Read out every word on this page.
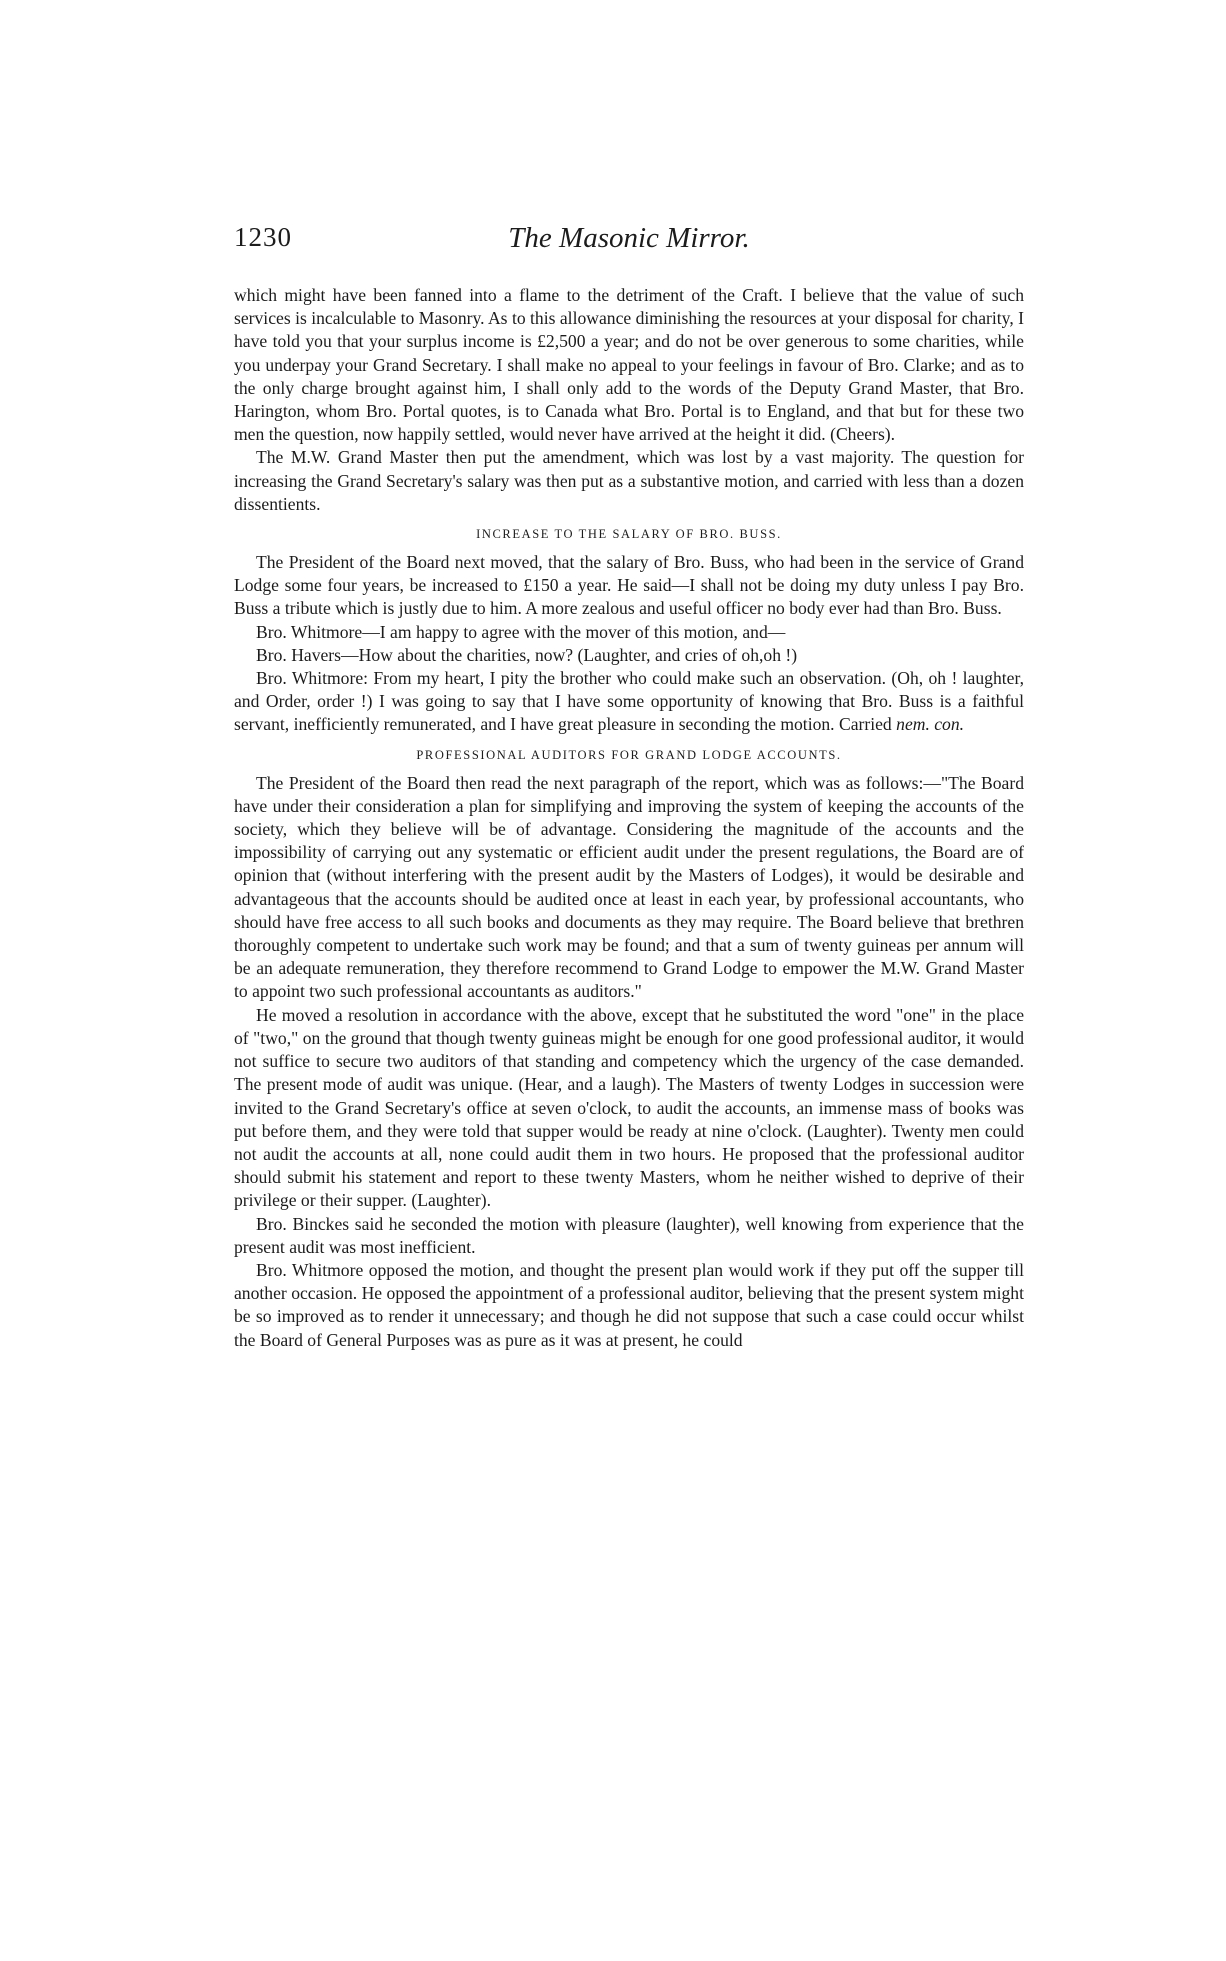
1230	The Masonic Mirror.

which might have been fanned into a flame to the detriment of the Craft. I believe that the value of such services is incalculable to Masonry. As to this allowance diminishing the resources at your disposal for charity, I have told you that your surplus income is £2,500 a year; and do not be over generous to some charities, while you underpay your Grand Secretary. I shall make no appeal to your feelings in favour of Bro. Clarke; and as to the only charge brought against him, I shall only add to the words of the Deputy Grand Master, that Bro. Harington, whom Bro. Portal quotes, is to Canada what Bro. Portal is to England, and that but for these two men the question, now happily settled, would never have arrived at the height it did. (Cheers).

The M.W. Grand Master then put the amendment, which was lost by a vast majority. The question for increasing the Grand Secretary's salary was then put as a substantive motion, and carried with less than a dozen dissentients.

INCREASE TO THE SALARY OF BRO. BUSS.

The President of the Board next moved, that the salary of Bro. Buss, who had been in the service of Grand Lodge some four years, be increased to £150 a year. He said—I shall not be doing my duty unless I pay Bro. Buss a tribute which is justly due to him. A more zealous and useful officer no body ever had than Bro. Buss.

Bro. Whitmore—I am happy to agree with the mover of this motion, and—

Bro. Havers—How about the charities, now? (Laughter, and cries of oh,oh !)

Bro. Whitmore: From my heart, I pity the brother who could make such an observation. (Oh, oh ! laughter, and Order, order !) I was going to say that I have some opportunity of knowing that Bro. Buss is a faithful servant, inefficiently remunerated, and I have great pleasure in seconding the motion. Carried nem. con.

PROFESSIONAL AUDITORS FOR GRAND LODGE ACCOUNTS.

The President of the Board then read the next paragraph of the report, which was as follows:—"The Board have under their consideration a plan for simplifying and improving the system of keeping the accounts of the society, which they believe will be of advantage. Considering the magnitude of the accounts and the impossibility of carrying out any systematic or efficient audit under the present regulations, the Board are of opinion that (without interfering with the present audit by the Masters of Lodges), it would be desirable and advantageous that the accounts should be audited once at least in each year, by professional accountants, who should have free access to all such books and documents as they may require. The Board believe that brethren thoroughly competent to undertake such work may be found; and that a sum of twenty guineas per annum will be an adequate remuneration, they therefore recommend to Grand Lodge to empower the M.W. Grand Master to appoint two such professional accountants as auditors."

He moved a resolution in accordance with the above, except that he substituted the word "one" in the place of "two," on the ground that though twenty guineas might be enough for one good professional auditor, it would not suffice to secure two auditors of that standing and competency which the urgency of the case demanded. The present mode of audit was unique. (Hear, and a laugh). The Masters of twenty Lodges in succession were invited to the Grand Secretary's office at seven o'clock, to audit the accounts, an immense mass of books was put before them, and they were told that supper would be ready at nine o'clock. (Laughter). Twenty men could not audit the accounts at all, none could audit them in two hours. He proposed that the professional auditor should submit his statement and report to these twenty Masters, whom he neither wished to deprive of their privilege or their supper. (Laughter).

Bro. Binckes said he seconded the motion with pleasure (laughter), well knowing from experience that the present audit was most inefficient.

Bro. Whitmore opposed the motion, and thought the present plan would work if they put off the supper till another occasion. He opposed the appointment of a professional auditor, believing that the present system might be so improved as to render it unnecessary; and though he did not suppose that such a case could occur whilst the Board of General Purposes was as pure as it was at present, he could
